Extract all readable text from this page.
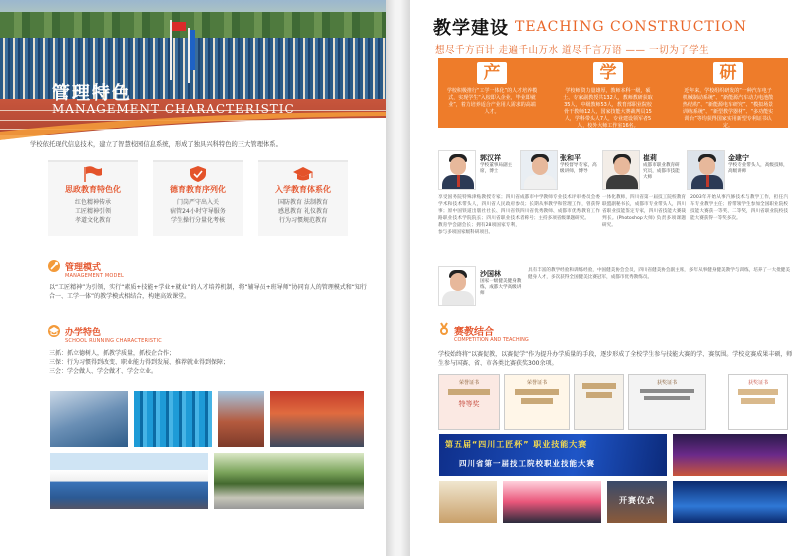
管理特色
MANAGEMENT CHARACTERISTIC
学校依托现代信息技术，建立了智慧校园信息系统，形成了独具兴科特色的三大管理体系。
思政教育特色化
红色精神传承
工匠精神引领
孝道文化教育
德育教育序列化
门岗严守出入关
宿管24小时守导服务
学生操行分量化考核
入学教育体系化
国防教育 法制教育
感恩教育 礼仪教育
行为习惯规范教育
管理模式
MANAGEMENT MODEL
以“工匠精神”为引领，实行“素质+技能+学业+就业”的人才培养机制，将“辅导员+班导师”协同育人的管理模式和“知行合一、工学一体”的教学模式相结合，构建高效课堂。
办学特色
SCHOOL RUNNING CHARACTERISTIC
三抓：抓立德树人，抓教学质量，抓校企合作；
三保：行为习惯得到改变、职业能力得到发展、推荐就业得到保障；
三会：学会做人、学会做才、学会立业。
教学建设 TEACHING CONSTRUCTION
想尽千方百计 走遍千山万水 道尽千言万语 —— 一切为了学生
产
学校积极推行“工学一体化”的人才培养模式，实现学生“入校即入企业，毕业即就业”，着力培养适合产业用人需求的高端人才。
学
学校师资力量雄厚，教师本科一级，硕士、专家副教授共132人，教师教研获取35人，中级教师53人，教育部职业院校骨干教师12人，国家技能大赛裁判员15人，学科带头人7人，专业建设领军者5人，校外大师工作室16名。
研
近年来，学校组织研发的“一种汽车电子机械制动系统”、“新能源汽车动力电池散热结构”、“新能源电车研究”、“模拟场景训练系统”、“新型教学器材”、“多功能实训台”等均获得国家实用新型专利证书认定。
郭汉祥
学校董事局副主席，博士
享受国务院特殊津贴教授专家；四川省学术和技术带头人，四川省人民政府参事；原中国铁道出版社社长、四川省铁路职业技术学院院长；四川省职业技术教育学会副会长；拥有28项国家专利，参与多项国家级科研项目。
张和平
学校督导专家，高级讲师，博导
成都市中学教师专业技术评审委员会委员；长期从事教学和管理工作，曾获得四川省优秀教师、成都市优秀教育工作者称号；主持多项省级课题研究。
崔莉
成都市职业教育研究员，成都市技能大师
一体化教师，四川省第一届技工院校教育联盟副秘书长，成都市专业带头人，四川省职业技能鉴定专家，四川省技能大赛裁判长。(Photoshop大师) 负责多项课题研究。
金建宁
学校专业带头人，高级技师，高级讲师
2003年开始从事汽修技术与教学工作，担任汽车专业教学主任；曾带领学生参加全国职业院校技能大赛获一等奖、二等奖，四川省职业院校技能大赛获得一等奖多次。
沙国林
国家一级健美健身教练，成都大学高级讲师
具有丰富的教学经验和训练经验，中国健美协会会员，四川省健美协会副主席，多年从事健身健美教学与训练，培养了一大批健美健身人才，多次获得全国健美比赛冠军，成都市优秀教练员。
赛教结合
COMPETITION AND TEACHING
学校始终将“以赛促教，以赛促学”作为提升办学质量的手段，逐步形成了全校学生参与技能大赛的学、赛氛围。学校竞赛成果丰硕，师生参与国赛、省、市各类比赛获奖300余项。
荣誉证书
特等奖
荣誉证书	获奖证书	获奖证书
第五届“四川工匠杯” 职业技能大赛
四川省第一届技工院校职业技能大赛
开赛仪式
